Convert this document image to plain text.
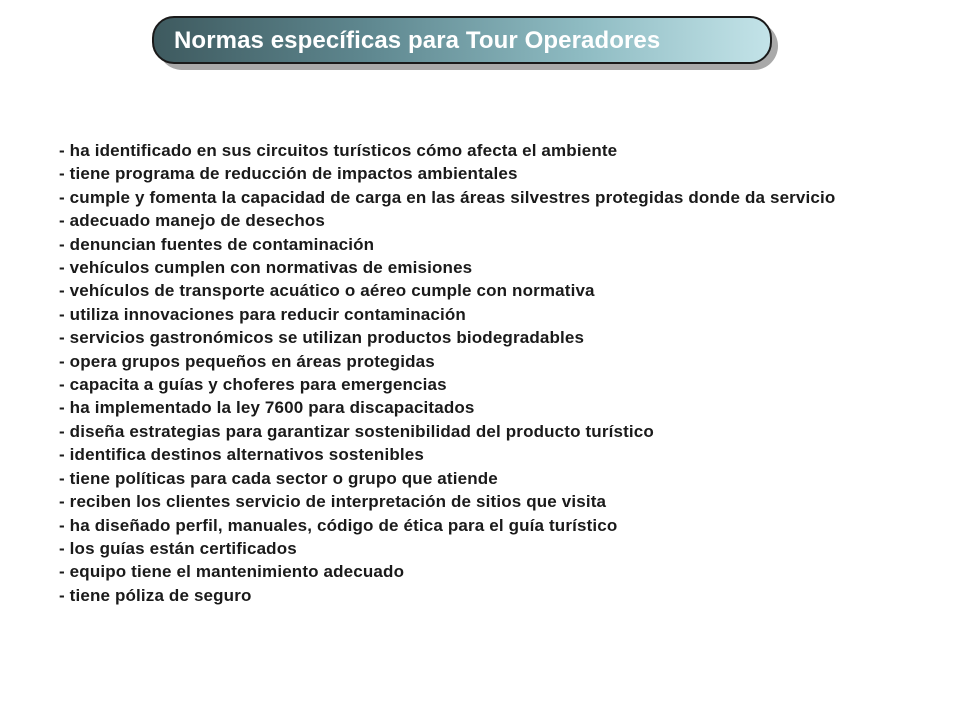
Normas específicas para Tour Operadores
- ha identificado en sus circuitos turísticos cómo afecta el ambiente
- tiene programa de reducción de impactos ambientales
- cumple y fomenta la capacidad de carga en las áreas silvestres protegidas donde da servicio
- adecuado manejo de desechos
- denuncian fuentes de contaminación
- vehículos cumplen con normativas de emisiones
- vehículos de transporte acuático o aéreo cumple con normativa
- utiliza innovaciones para reducir contaminación
- servicios gastronómicos se utilizan productos biodegradables
- opera grupos pequeños en áreas protegidas
- capacita a guías y choferes para emergencias
- ha implementado la ley 7600 para discapacitados
- diseña estrategias para garantizar sostenibilidad del producto turístico
- identifica destinos alternativos sostenibles
- tiene políticas para cada sector o grupo que atiende
- reciben los clientes servicio de interpretación de sitios que visita
- ha diseñado perfil, manuales, código de ética para el guía turístico
- los guías están certificados
- equipo tiene el mantenimiento adecuado
- tiene póliza de seguro
